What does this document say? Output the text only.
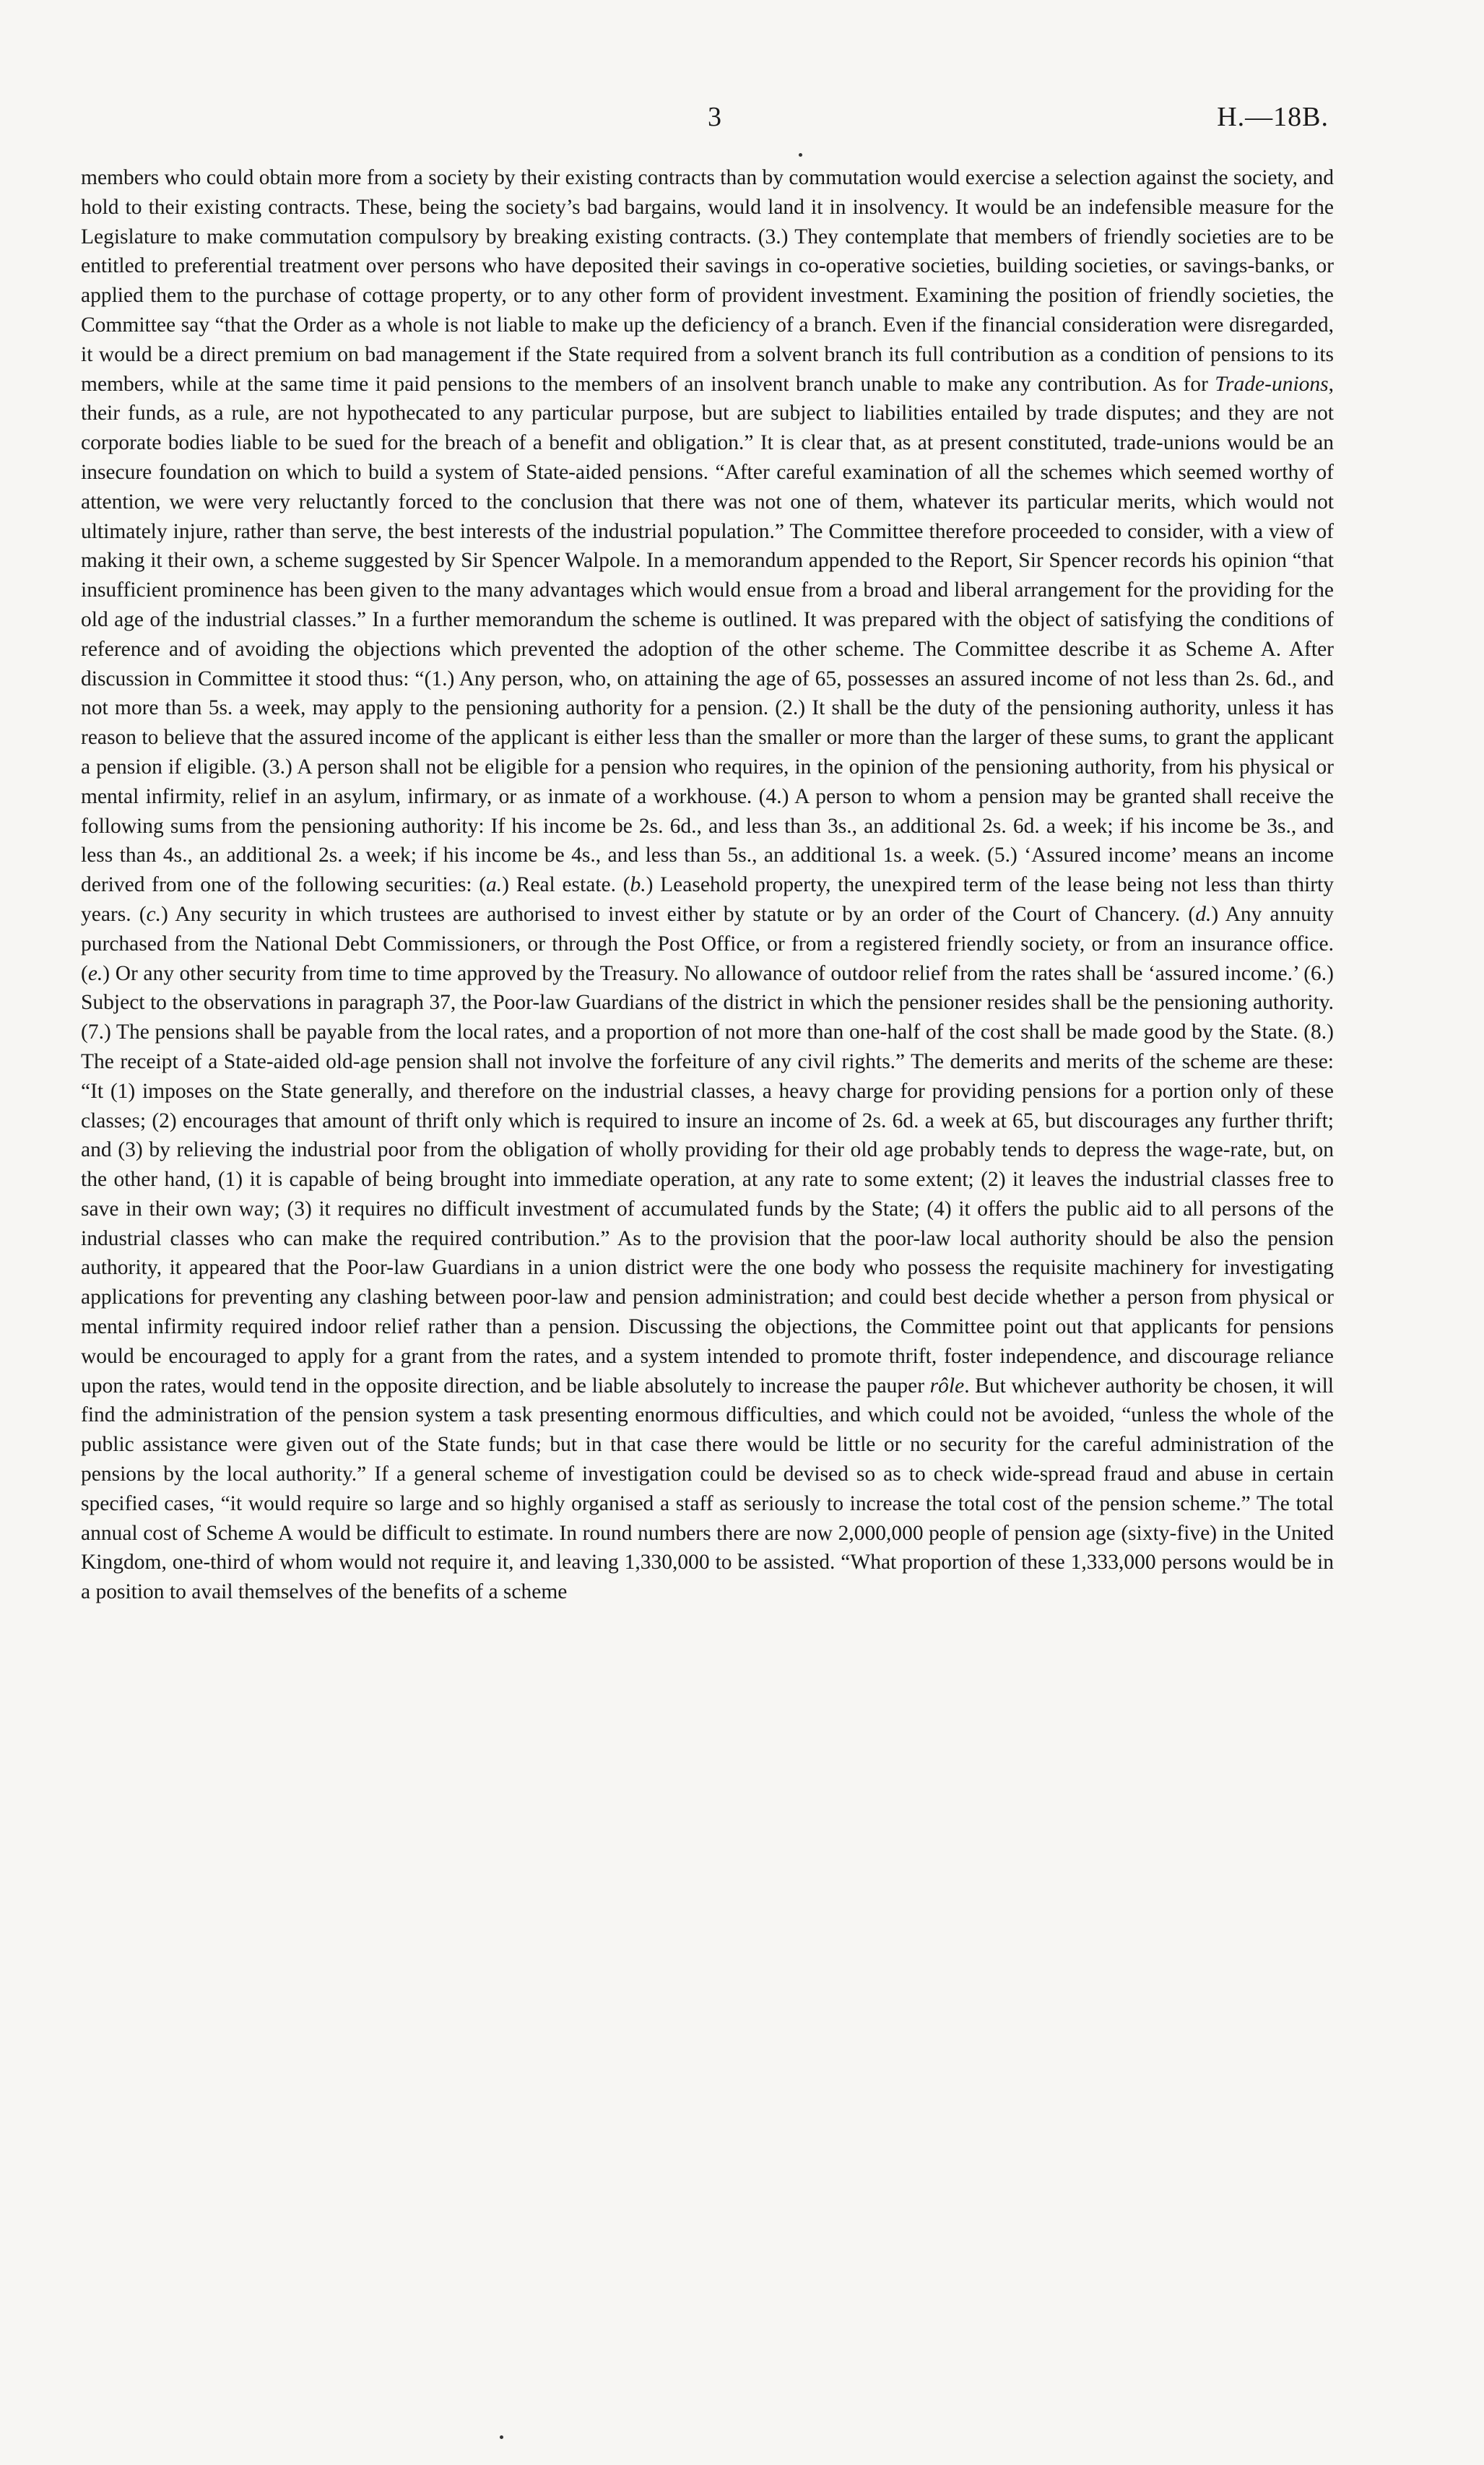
3	H.—18B.

members who could obtain more from a society by their existing contracts than by commutation would exercise a selection against the society, and hold to their existing contracts. These, being the society’s bad bargains, would land it in insolvency. It would be an indefensible measure for the Legislature to make commutation compulsory by breaking existing contracts. (3.) They contemplate that members of friendly societies are to be entitled to preferential treatment over persons who have deposited their savings in co-operative societies, building societies, or savings-banks, or applied them to the purchase of cottage property, or to any other form of provident investment. Examining the position of friendly societies, the Committee say “that the Order as a whole is not liable to make up the deficiency of a branch. Even if the financial consideration were disregarded, it would be a direct premium on bad management if the State required from a solvent branch its full contribution as a condition of pensions to its members, while at the same time it paid pensions to the members of an insolvent branch unable to make any contribution. As for Trade-unions, their funds, as a rule, are not hypothecated to any particular purpose, but are subject to liabilities entailed by trade disputes; and they are not corporate bodies liable to be sued for the breach of a benefit and obligation.” It is clear that, as at present constituted, trade-unions would be an insecure foundation on which to build a system of State-aided pensions. “After careful examination of all the schemes which seemed worthy of attention, we were very reluctantly forced to the conclusion that there was not one of them, whatever its particular merits, which would not ultimately injure, rather than serve, the best interests of the industrial population.” The Committee therefore proceeded to consider, with a view of making it their own, a scheme suggested by Sir Spencer Walpole. In a memorandum appended to the Report, Sir Spencer records his opinion “that insufficient prominence has been given to the many advantages which would ensue from a broad and liberal arrangement for the providing for the old age of the industrial classes.” In a further memorandum the scheme is outlined. It was prepared with the object of satisfying the conditions of reference and of avoiding the objections which prevented the adoption of the other scheme. The Committee describe it as Scheme A. After discussion in Committee it stood thus: “(1.) Any person, who, on attaining the age of 65, possesses an assured income of not less than 2s. 6d., and not more than 5s. a week, may apply to the pensioning authority for a pension. (2.) It shall be the duty of the pensioning authority, unless it has reason to believe that the assured income of the applicant is either less than the smaller or more than the larger of these sums, to grant the applicant a pension if eligible. (3.) A person shall not be eligible for a pension who requires, in the opinion of the pensioning authority, from his physical or mental infirmity, relief in an asylum, infirmary, or as inmate of a workhouse. (4.) A person to whom a pension may be granted shall receive the following sums from the pensioning authority: If his income be 2s. 6d., and less than 3s., an additional 2s. 6d. a week; if his income be 3s., and less than 4s., an additional 2s. a week; if his income be 4s., and less than 5s., an additional 1s. a week. (5.) ‘Assured income’ means an income derived from one of the following securities: (a.) Real estate. (b.) Leasehold property, the unexpired term of the lease being not less than thirty years. (c.) Any security in which trustees are authorised to invest either by statute or by an order of the Court of Chancery. (d.) Any annuity purchased from the National Debt Commissioners, or through the Post Office, or from a registered friendly society, or from an insurance office. (e.) Or any other security from time to time approved by the Treasury. No allowance of outdoor relief from the rates shall be ‘assured income.’ (6.) Subject to the observations in paragraph 37, the Poor-law Guardians of the district in which the pensioner resides shall be the pensioning authority. (7.) The pensions shall be payable from the local rates, and a proportion of not more than one-half of the cost shall be made good by the State. (8.) The receipt of a State-aided old-age pension shall not involve the forfeiture of any civil rights.” The demerits and merits of the scheme are these: “It (1) imposes on the State generally, and therefore on the industrial classes, a heavy charge for providing pensions for a portion only of these classes; (2) encourages that amount of thrift only which is required to insure an income of 2s. 6d. a week at 65, but discourages any further thrift; and (3) by relieving the industrial poor from the obligation of wholly providing for their old age probably tends to depress the wage-rate, but, on the other hand, (1) it is capable of being brought into immediate operation, at any rate to some extent; (2) it leaves the industrial classes free to save in their own way; (3) it requires no difficult investment of accumulated funds by the State; (4) it offers the public aid to all persons of the industrial classes who can make the required contribution.” As to the provision that the poor-law local authority should be also the pension authority, it appeared that the Poor-law Guardians in a union district were the one body who possess the requisite machinery for investigating applications for preventing any clashing between poor-law and pension administration; and could best decide whether a person from physical or mental infirmity required indoor relief rather than a pension. Discussing the objections, the Committee point out that applicants for pensions would be encouraged to apply for a grant from the rates, and a system intended to promote thrift, foster independence, and discourage reliance upon the rates, would tend in the opposite direction, and be liable absolutely to increase the pauper rôle. But whichever authority be chosen, it will find the administration of the pension system a task presenting enormous difficulties, and which could not be avoided, “unless the whole of the public assistance were given out of the State funds; but in that case there would be little or no security for the careful administration of the pensions by the local authority.” If a general scheme of investigation could be devised so as to check wide-spread fraud and abuse in certain specified cases, “it would require so large and so highly organised a staff as seriously to increase the total cost of the pension scheme.” The total annual cost of Scheme A would be difficult to estimate. In round numbers there are now 2,000,000 people of pension age (sixty-five) in the United Kingdom, one-third of whom would not require it, and leaving 1,330,000 to be assisted. “What proportion of these 1,333,000 persons would be in a position to avail themselves of the benefits of a scheme
